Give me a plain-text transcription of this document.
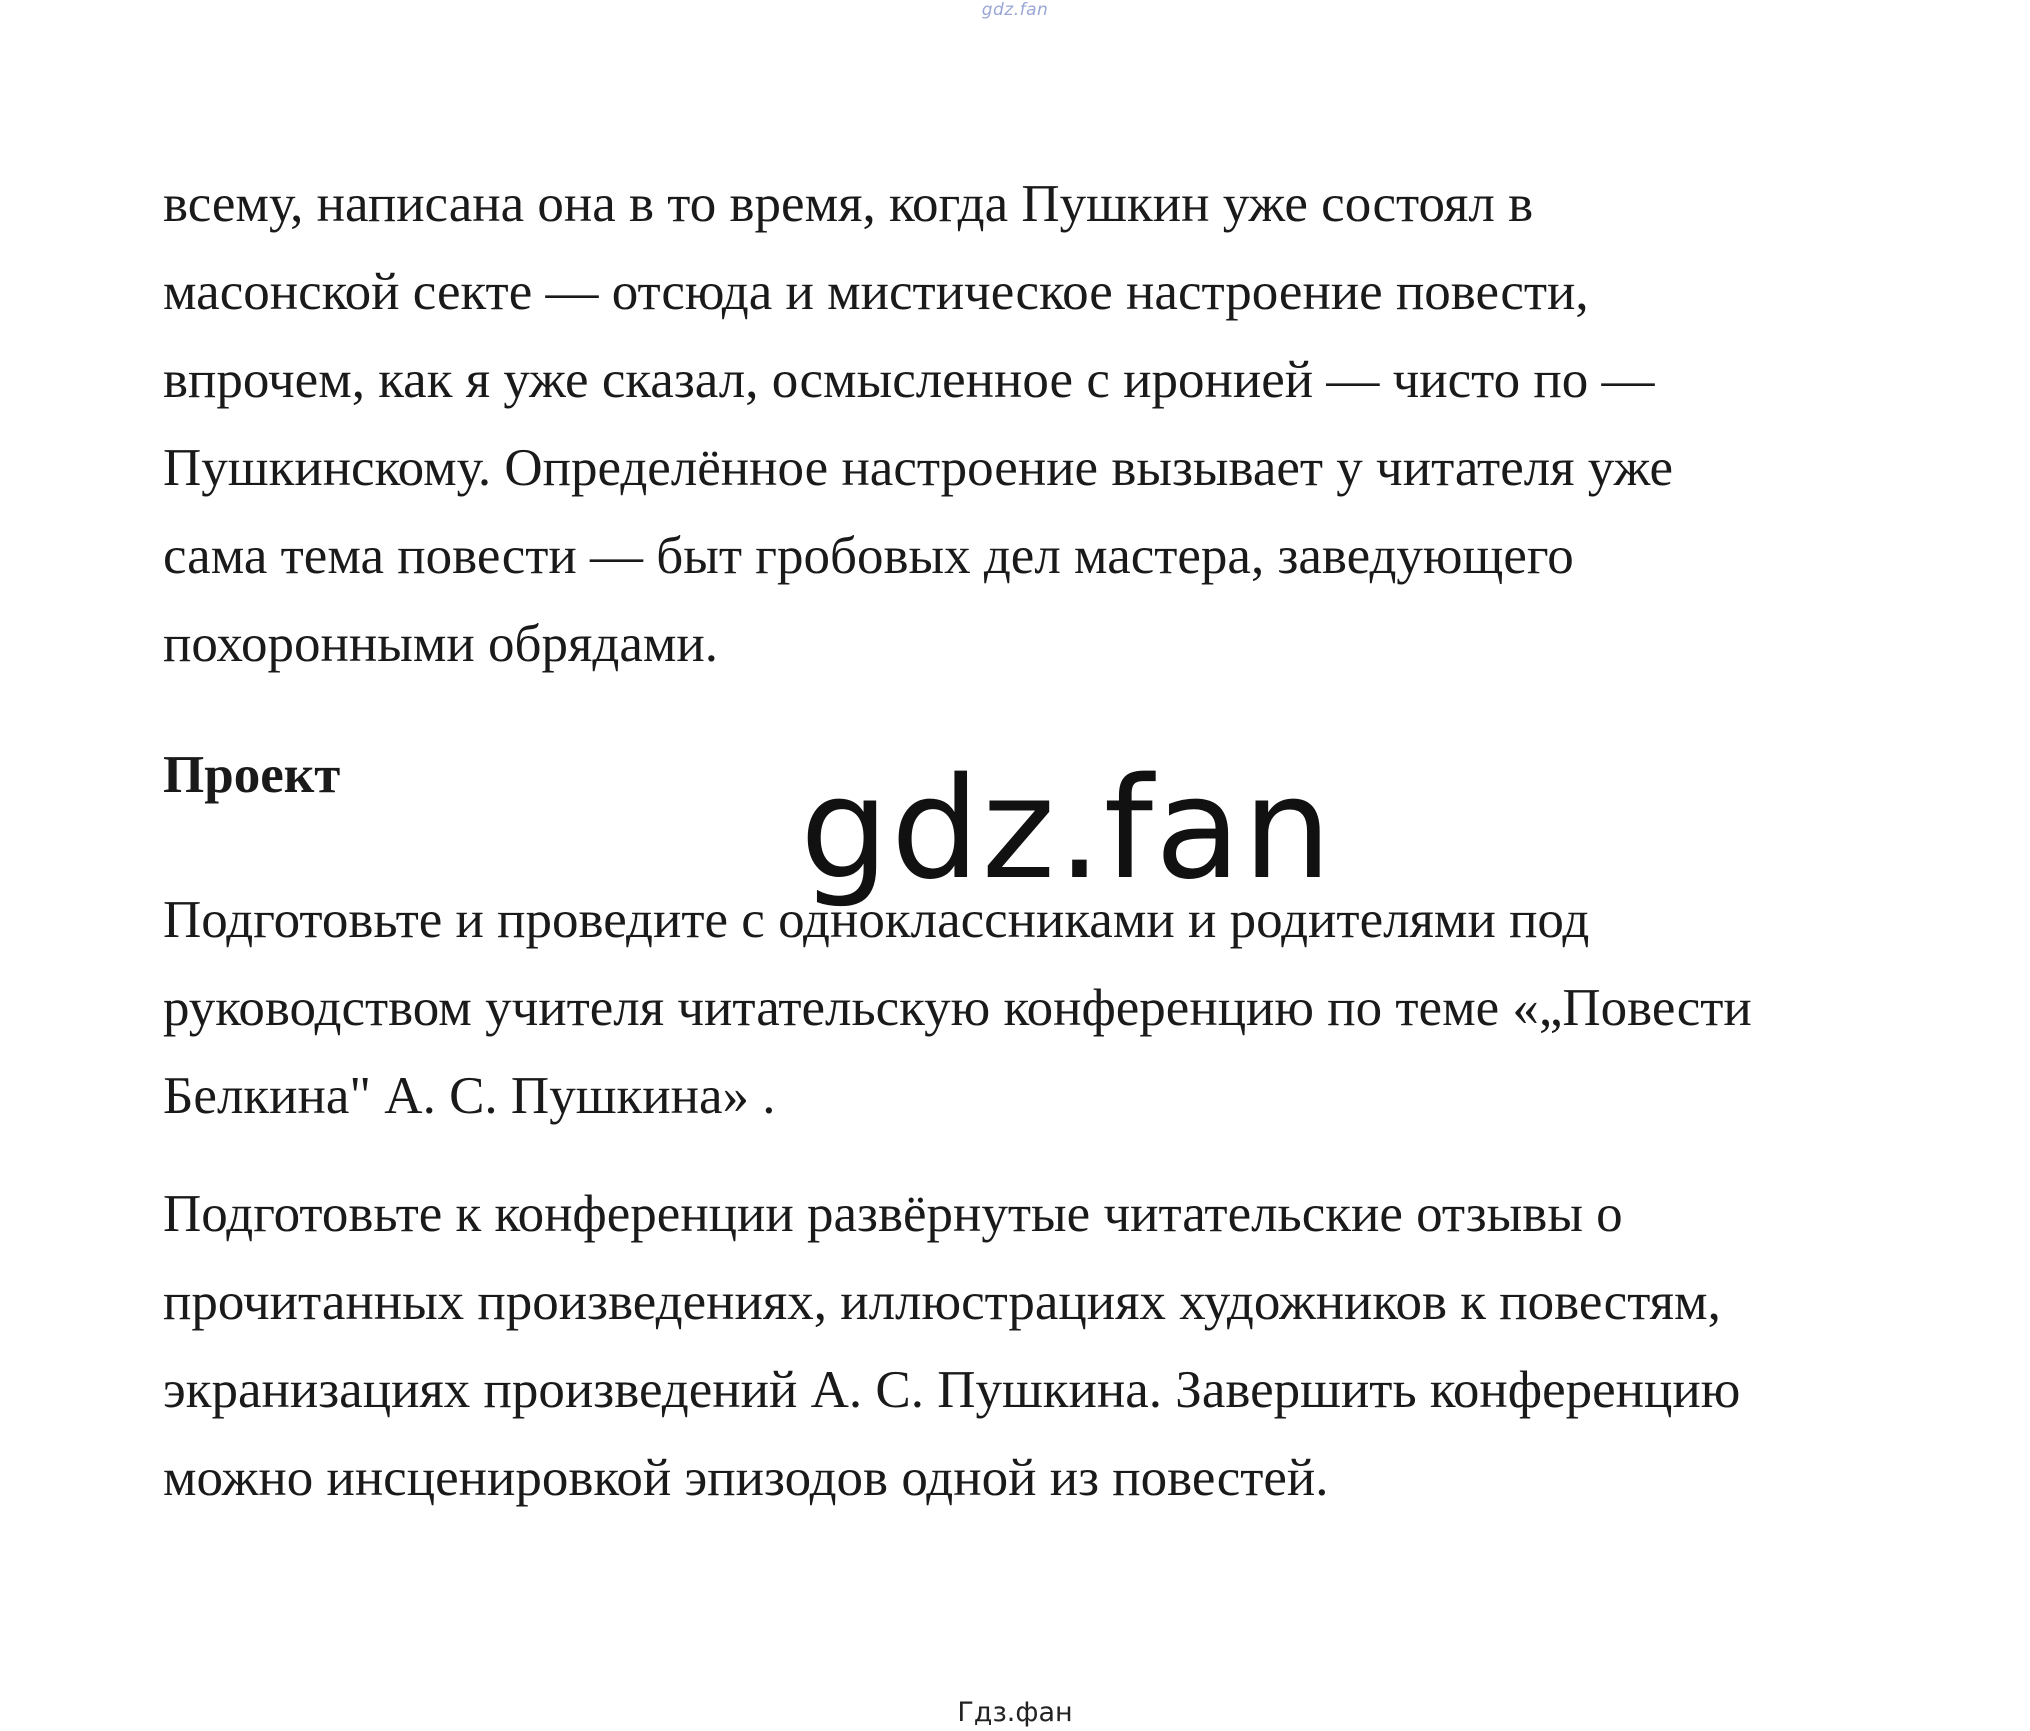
gdz.fan

всему, написана она в то время, когда Пушкин уже состоял в
масонской секте — отсюда и мистическое настроение повести,
впрочем, как я уже сказал, осмысленное с иронией — чисто по —
Пушкинскому. Определённое настроение вызывает у читателя уже
сама тема повести — быт гробовых дел мастера, заведующего
похоронными обрядами.

Проект

Подготовьте и проведите с одноклассниками и родителями под
руководством учителя читательскую конференцию по теме «„Повести
Белкина" А. С. Пушкина» .

Подготовьте к конференции развёрнутые читательские отзывы о
прочитанных произведениях, иллюстрациях художников к повестям,
экранизациях произведений А. С. Пушкина. Завершить конференцию
можно инсценировкой эпизодов одной из повестей.

gdz.fan
Гдз.фан
